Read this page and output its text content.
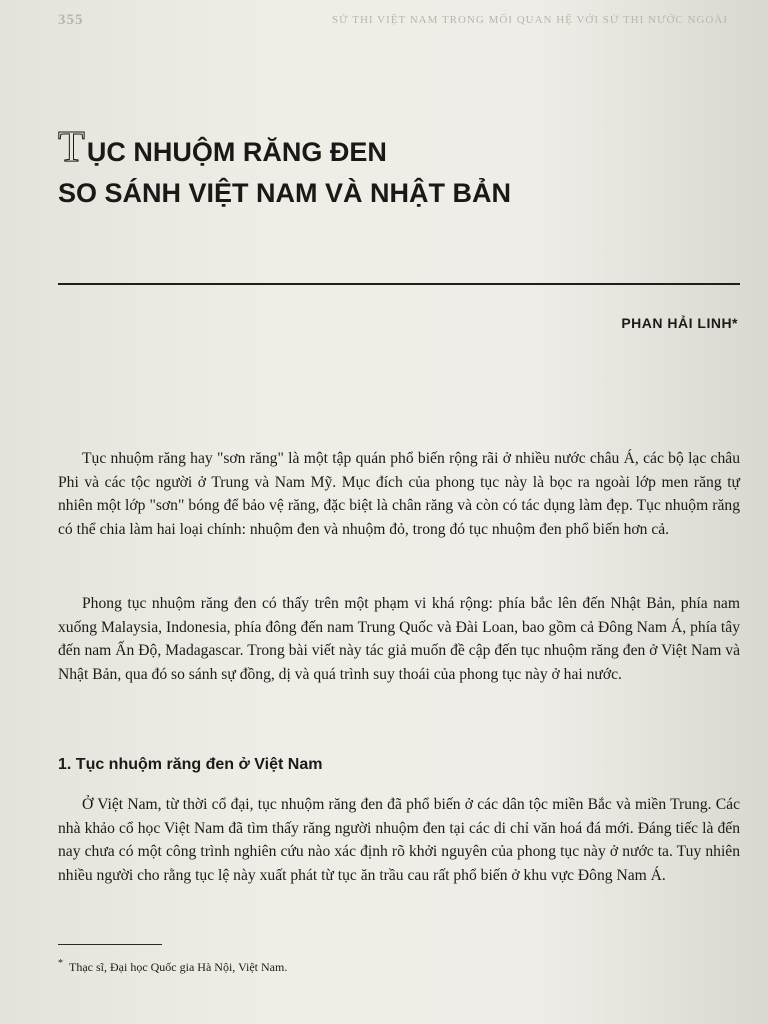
355	SỬ THI VIỆT NAM TRONG MỐI QUAN HỆ VỚI SỬ THI NƯỚC NGOÀI
T ỤC NHUỘM RĂNG ĐEN
SO SÁNH VIỆT NAM VÀ NHẬT BẢN
PHAN HẢI LINH*

Tục nhuộm răng hay "sơn răng" là một tập quán phổ biến rộng rãi ở nhiều nước châu Á, các bộ lạc châu Phi và các tộc người ở Trung và Nam Mỹ. Mục đích của phong tục này là bọc ra ngoài lớp men răng tự nhiên một lớp "sơn" bóng để bảo vệ răng, đặc biệt là chân răng và còn có tác dụng làm đẹp. Tục nhuộm răng có thể chia làm hai loại chính: nhuộm đen và nhuộm đỏ, trong đó tục nhuộm đen phổ biến hơn cả.

Phong tục nhuộm răng đen có thấy trên một phạm vi khá rộng: phía bắc lên đến Nhật Bản, phía nam xuống Malaysia, Indonesia, phía đông đến nam Trung Quốc và Đài Loan, bao gồm cả Đông Nam Á, phía tây đến nam Ấn Độ, Madagascar. Trong bài viết này tác giả muốn đề cập đến tục nhuộm răng đen ở Việt Nam và Nhật Bản, qua đó so sánh sự đồng, dị và quá trình suy thoái của phong tục này ở hai nước.

1. Tục nhuộm răng đen ở Việt Nam

Ở Việt Nam, từ thời cổ đại, tục nhuộm răng đen đã phổ biến ở các dân tộc miền Bắc và miền Trung. Các nhà khảo cổ học Việt Nam đã tìm thấy răng người nhuộm đen tại các di chỉ văn hoá đá mới. Đáng tiếc là đến nay chưa có một công trình nghiên cứu nào xác định rõ khởi nguyên của phong tục này ở nước ta. Tuy nhiên nhiều người cho rằng tục lệ này xuất phát từ tục ăn trầu cau rất phổ biến ở khu vực Đông Nam Á.

* Thạc sĩ, Đại học Quốc gia Hà Nội, Việt Nam.
